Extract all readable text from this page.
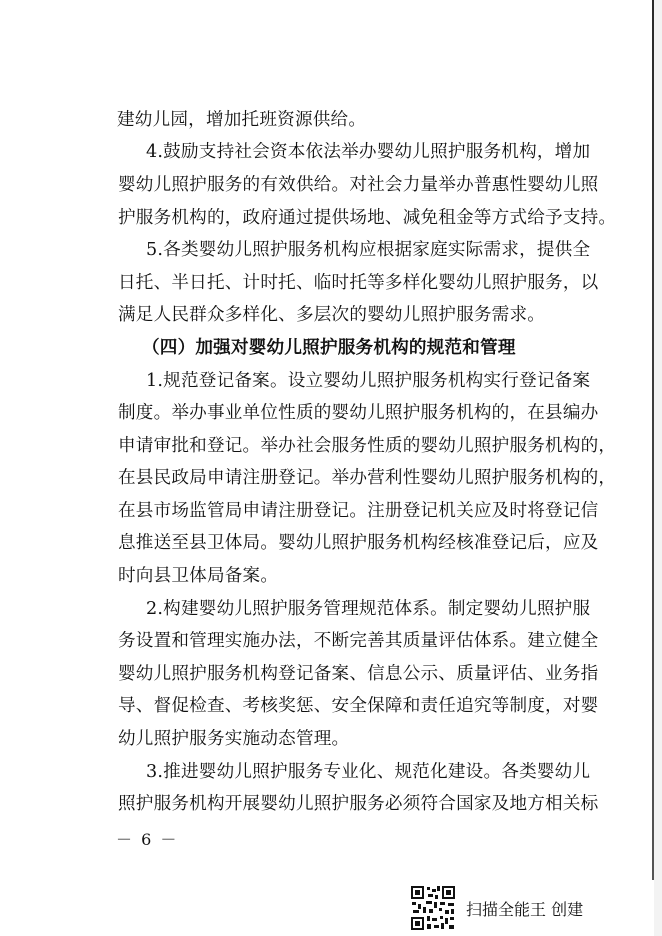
建幼儿园，增加托班资源供给。
4.鼓励支持社会资本依法举办婴幼儿照护服务机构，增加
婴幼儿照护服务的有效供给。对社会力量举办普惠性婴幼儿照
护服务机构的，政府通过提供场地、减免租金等方式给予支持。
5.各类婴幼儿照护服务机构应根据家庭实际需求，提供全
日托、半日托、计时托、临时托等多样化婴幼儿照护服务，以
满足人民群众多样化、多层次的婴幼儿照护服务需求。
（四）加强对婴幼儿照护服务机构的规范和管理
1.规范登记备案。设立婴幼儿照护服务机构实行登记备案
制度。举办事业单位性质的婴幼儿照护服务机构的，在县编办
申请审批和登记。举办社会服务性质的婴幼儿照护服务机构的，
在县民政局申请注册登记。举办营利性婴幼儿照护服务机构的，
在县市场监管局申请注册登记。注册登记机关应及时将登记信
息推送至县卫体局。婴幼儿照护服务机构经核准登记后，应及
时向县卫体局备案。
2.构建婴幼儿照护服务管理规范体系。制定婴幼儿照护服
务设置和管理实施办法，不断完善其质量评估体系。建立健全
婴幼儿照护服务机构登记备案、信息公示、质量评估、业务指
导、督促检查、考核奖惩、安全保障和责任追究等制度，对婴
幼儿照护服务实施动态管理。
3.推进婴幼儿照护服务专业化、规范化建设。各类婴幼儿
照护服务机构开展婴幼儿照护服务必须符合国家及地方相关标
－ 6 －
扫描全能王 创建
